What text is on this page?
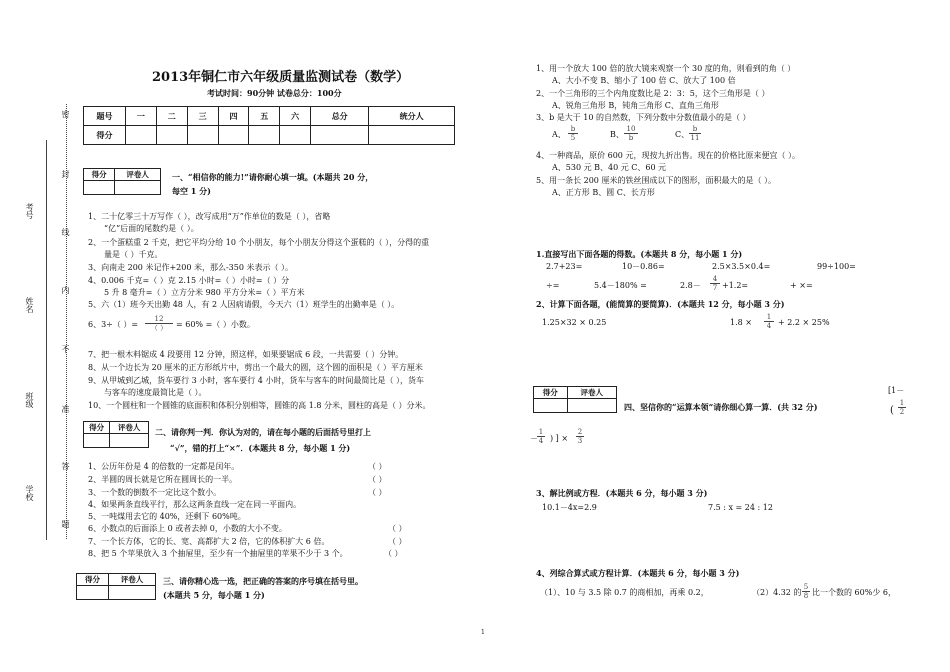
2013年铜仁市六年级质量监测试卷（数学）
考试时间：90分钟 试卷总分：100分
密
封
线
内
不
准
答
题
考号
姓名
班级
学校
题号	一	二	三	四	五	六	总分	统分人
得分								
得分	评卷人
		一、“相信你的能力!”请你耐心填一填。(本题共 20 分，
每空 1 分)
1、二十亿零三十万写作（ ），改写成用“万”作单位的数是（ ），省略
“亿”后面的尾数约是（ ）。
2、一个蛋糕重 2 千克，把它平均分给 10 个小朋友，每个小朋友分得这个蛋糕的（ ），分得的重
量是（ ）千克。
3、向南走 200 米记作+200 米，那么-350 米表示（ ）。
4、0.006 千克=（ ）克 2.15 小时=（ ）小时=（ ）分
5 升 8 毫升=（ ）立方分米 980 平方分米=（ ）平方米
5、六（1）班今天出勤 48 人，有 2 人因病请假，今天六（1）班学生的出勤率是（ ）。
6、3÷（ ）=
12
（ ）	= 60% =（ ）小数。
7、把一根木料锯成 4 段要用 12 分钟，照这样，如果要锯成 6 段，一共需要（ ）分钟。
8、从一个边长为 20 厘米的正方形纸片中，剪出一个最大的圆，这个圆的面积是（ ）平方厘米
9、从甲城到乙城，货车要行 3 小时，客车要行 4 小时，货车与客车的时间最简比是（ ），货车
与客车的速度最简比是（ ）。
10、一个圆柱和一个圆锥的底面积和体积分别相等，圆锥的高 1.8 分米，圆柱的高是（ ）分米。
得分	评卷人
	二、请你判一判．你认为对的，请在每小题的后面括号里打上
“√”，错的打上“×”．(本题共 8 分，每小题 1 分)
1、公历年份是 4 的倍数的一定都是闰年。	（ ）
2、半圆的周长就是它所在圆周长的一半。	（ ）
3、一个数的倒数不一定比这个数小。	（ ）
4、如果两条直线平行，那么这两条直线一定在同一平面内。
5、一吨煤用去它的 40%，还剩下 60%吨。
6、小数点的后面添上 0 或者去掉 0，小数的大小不变。	（ ）
7、一个长方体，它的长、宽、高都扩大 2 倍，它的体积扩大 6 倍。	（ ）
8、把 5 个苹果放入 3 个抽屉里，至少有一个抽屉里的苹果不少于 3 个。	（ ）
得分	评卷人
	三、请你精心选一选，把正确的答案的序号填在括号里。
(本题共 5 分，每小题 1 分)
1、用一个放大 100 倍的放大镜来观察一个 30 度的角，则看到的角（ ）
A、大小不变 B、缩小了 100 倍 C、放大了 100 倍
2、一个三角形的三个内角度数比是 2：3：5，这个三角形是（ ）
A、锐角三角形 B，钝角三角形 C、直角三角形
3、b 是大于 10 的自然数，下列分数中分数值最小的是（ ）
A、 $\frac{b}{5}$	B、 $\frac{10}{b}$	C、 $\frac{b}{11}$
4、一种商品，原价 600 元，现按九折出售。现在的价格比原来便宜（ ）。
A、530 元 B、40 元 C、60 元
5、用一条长 200 厘米的铁丝围成以下的图形，面积最大的是（ ）。
A、正方形 B、圆 C、长方形
1.直接写出下面各题的得数。(本题共 8 分，每小题 1 分)
2.7+23=	10－0.86=	2.5×3.5×0.4=	99÷100=
÷=	5.4－180% =	$2.8- \frac{4}{7} +1.2=$	+ ×=
2、计算下面各题，(能简算的要简算)．(本题共 12 分，每小题 3 分)
1.25×32 × 0.25	$1.8 \times \frac{1}{4} + 2.2 \times 25\%$
得分	评卷人

四、坚信你的“运算本领”请你细心算一算．(共 32 分)
[1－
( $\frac{1}{2}$
－ $\frac{1}{4}$ ) ] × $\frac{2}{3}$
3、解比例或方程．(本题共 6 分，每小题 3 分)
10.1－4x=2.9	7.5 : x = 24 : 12
4、列综合算式或方程计算．(本题共 6 分，每小题 3 分)
（1）、10 与 3.5 除 0.7 的商相加，再乘 0.2，	（2）4.32 的 $\frac{5}{8}$ 比一个数的 60%少 6，
1
